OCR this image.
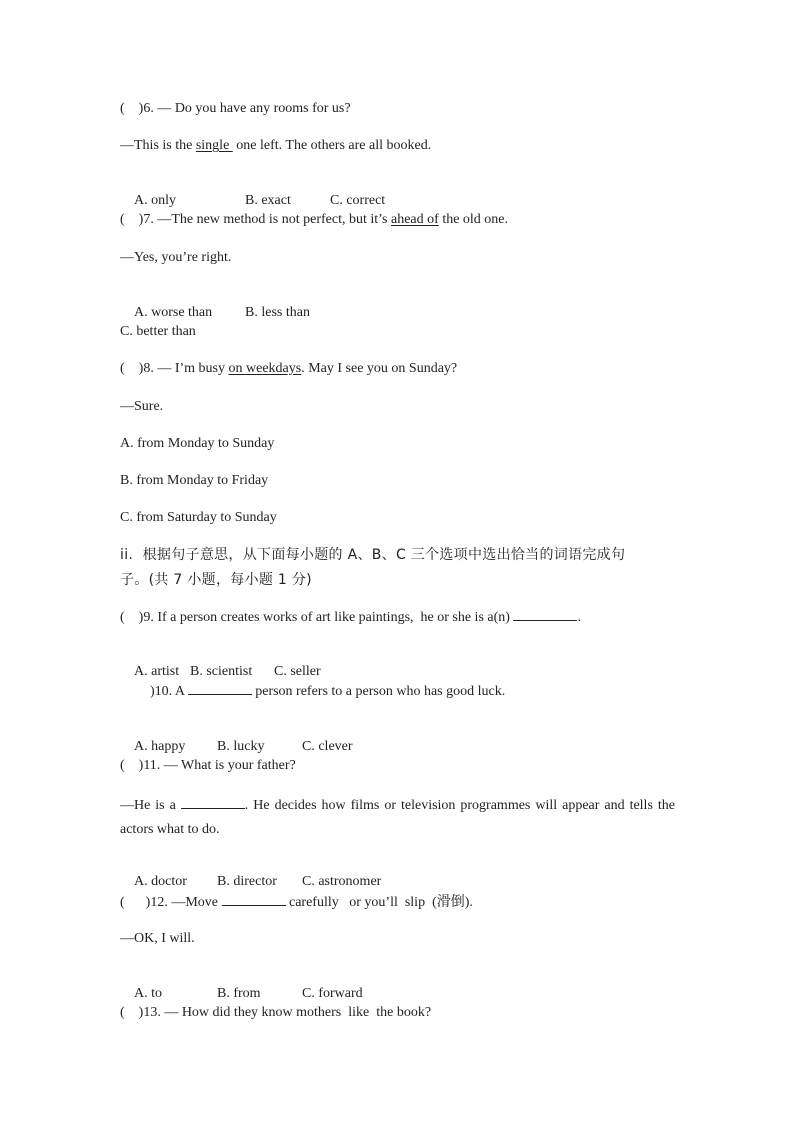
(    )6. — Do you have any rooms for us?
—This is the single  one left. The others are all booked.

A. only	B. exact	C. correct

(    )7. —The new method is not perfect, but it’s ahead of the old one.
—Yes, you’re right.

A. worse than B. less than

C. better than
(    )8. — I’m busy on weekdays. May I see you on Sunday?
—Sure.
A. from Monday to Sunday
B. from Monday to Friday
C. from Saturday to Sunday
ii.  根据句子意思，从下面每小题的 A、B、C 三个选项中选出恰当的词语完成句
子。(共 7 小题，每小题 1 分)
(    )9. If a person creates works of art like paintings,  he or she is a(n)	.

A. artist B. scientist C. seller

)10. A	person refers to a person who has good luck.

A. happy B. lucky	C. clever

(    )11. — What is your father?
—He is a	. He decides how films or television programmes will appear and tells the actors what to do.

A. doctor B. director C. astronomer

(      )12. —Move	carefully   or you’ll  slip  (滑倒).
—OK, I will.

A. to	B. from	C. forward

(    )13. — How did they know mothers  like  the book?
